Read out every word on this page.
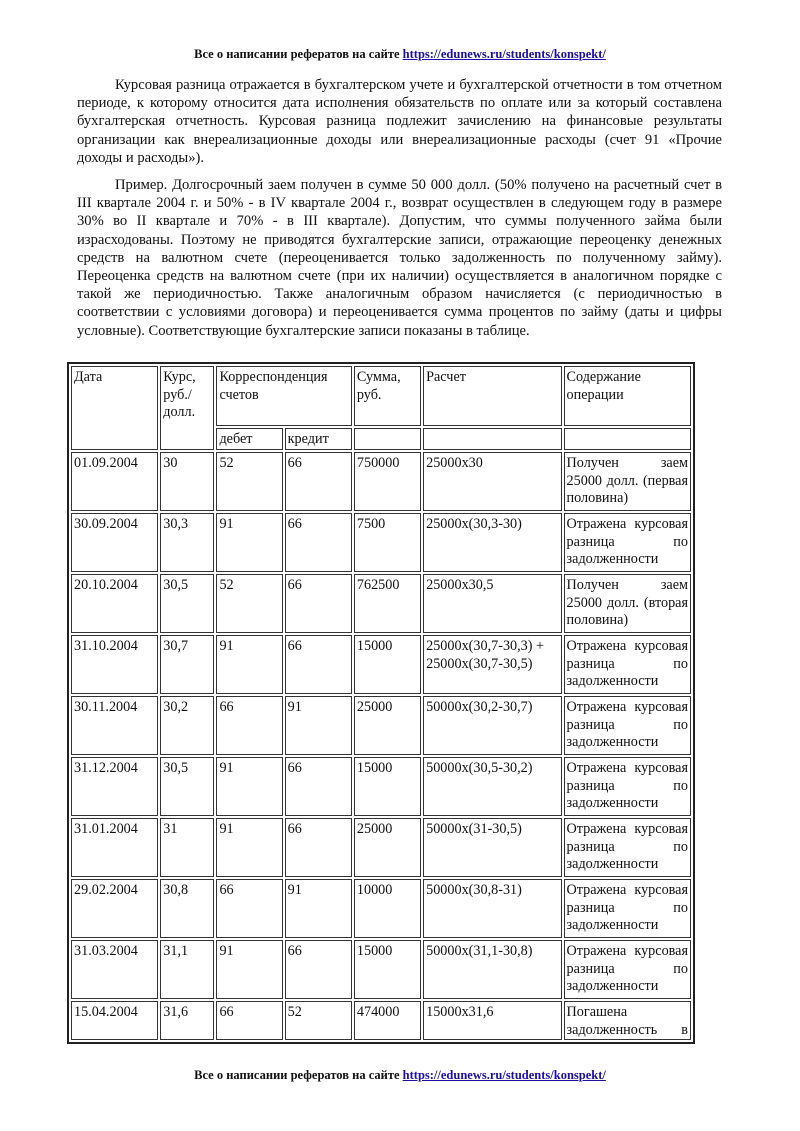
Все о написании рефератов на сайте https://edunews.ru/students/konspekt/

Курсовая разница отражается в бухгалтерском учете и бухгалтерской отчетности в том отчетном периоде, к которому относится дата исполнения обязательств по оплате или за который составлена бухгалтерская отчетность. Курсовая разница подлежит зачислению на финансовые результаты организации как внереализационные доходы или внереализационные расходы (счет 91 «Прочие доходы и расходы»).

Пример. Долгосрочный заем получен в сумме 50 000 долл. (50% получено на расчетный счет в III квартале 2004 г. и 50% - в IV квартале 2004 г., возврат осуществлен в следующем году в размере 30% во II квартале и 70% - в III квартале). Допустим, что суммы полученного займа были израсходованы. Поэтому не приводятся бухгалтерские записи, отражающие переоценку денежных средств на валютном счете (переоценивается только задолженность по полученному займу). Переоценка средств на валютном счете (при их наличии) осуществляется в аналогичном порядке с такой же периодичностью. Также аналогичным образом начисляется (с периодичностью в соответствии с условиями договора) и переоценивается сумма процентов по займу (даты и цифры условные). Соответствующие бухгалтерские записи показаны в таблице.

Дата	Курс, руб./ долл.	Корреспонденция счетов		Сумма, руб.	Расчет	Содержание операции
		дебет	кредит			
01.09.2004	30	52	66	750000	25000х30	Получен заем 25000 долл. (первая половина)
30.09.2004	30,3	91	66	7500	25000х(30,3-30)	Отражена курсовая разница по задолженности
20.10.2004	30,5	52	66	762500	25000х30,5	Получен заем 25000 долл. (вторая половина)
31.10.2004	30,7	91	66	15000	25000х(30,7-30,3) + 25000х(30,7-30,5)	Отражена курсовая разница по задолженности
30.11.2004	30,2	66	91	25000	50000х(30,2-30,7)	Отражена курсовая разница по задолженности
31.12.2004	30,5	91	66	15000	50000х(30,5-30,2)	Отражена курсовая разница по задолженности
31.01.2004	31	91	66	25000	50000х(31-30,5)	Отражена курсовая разница по задолженности
29.02.2004	30,8	66	91	10000	50000х(30,8-31)	Отражена курсовая разница по задолженности
31.03.2004	31,1	91	66	15000	50000х(31,1-30,8)	Отражена курсовая разница по задолженности
15.04.2004	31,6	66	52	474000	15000х31,6	Погашена задолженность в
Все о написании рефератов на сайте https://edunews.ru/students/konspekt/
